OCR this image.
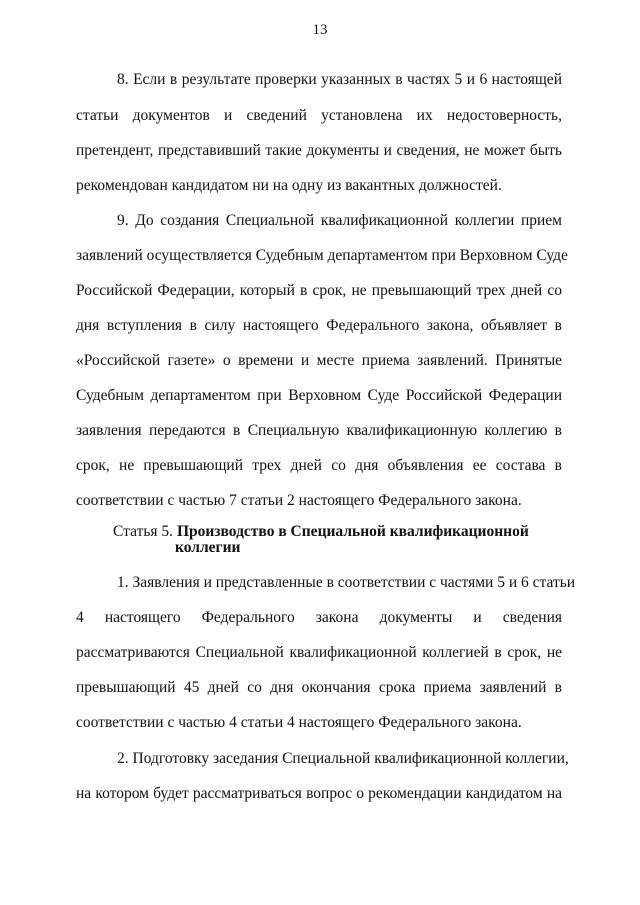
13
8. Если в результате проверки указанных в частях 5 и 6 настоящей
статьи документов и сведений установлена их недостоверность,
претендент, представивший такие документы и сведения, не может быть
рекомендован кандидатом ни на одну из вакантных должностей.
9. До создания Специальной квалификационной коллегии прием
заявлений осуществляется Судебным департаментом при Верховном Суде
Российской Федерации, который в срок, не превышающий трех дней со
дня вступления в силу настоящего Федерального закона, объявляет в
«Российской газете» о времени и месте приема заявлений. Принятые
Судебным департаментом при Верховном Суде Российской Федерации
заявления передаются в Специальную квалификационную коллегию в
срок, не превышающий трех дней со дня объявления ее состава в
соответствии с частью 7 статьи 2 настоящего Федерального закона.
Статья 5. Производство в Специальной квалификационной
коллегии
1. Заявления и представленные в соответствии с частями 5 и 6 статьи
4 настоящего Федерального закона документы и сведения
рассматриваются Специальной квалификационной коллегией в срок, не
превышающий 45 дней со дня окончания срока приема заявлений в
соответствии с частью 4 статьи 4 настоящего Федерального закона.
2. Подготовку заседания Специальной квалификационной коллегии,
на котором будет рассматриваться вопрос о рекомендации кандидатом на
